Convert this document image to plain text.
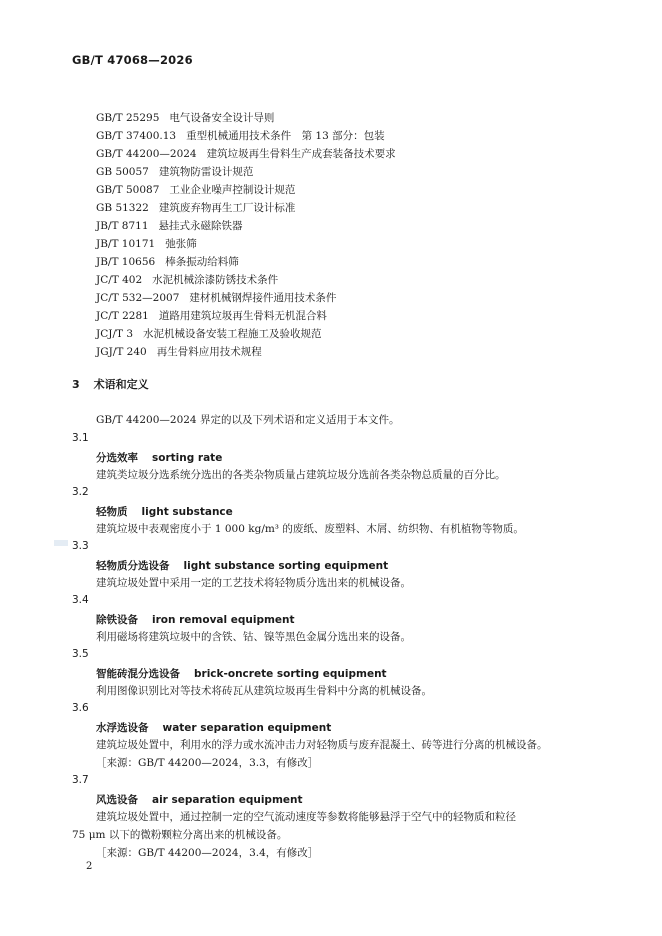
GB/T 47068—2026
GB/T 25295 电气设备安全设计导则
GB/T 37400.13 重型机械通用技术条件　第 13 部分：包装
GB/T 44200—2024 建筑垃圾再生骨料生产成套装备技术要求
GB 50057 建筑物防雷设计规范
GB/T 50087 工业企业噪声控制设计规范
GB 51322 建筑废弃物再生工厂设计标准
JB/T 8711 悬挂式永磁除铁器
JB/T 10171 弛张筛
JB/T 10656 棒条振动给料筛
JC/T 402 水泥机械涂漆防锈技术条件
JC/T 532—2007 建材机械钢焊接件通用技术条件
JC/T 2281 道路用建筑垃圾再生骨料无机混合料
JCJ/T 3 水泥机械设备安装工程施工及验收规范
JGJ/T 240 再生骨料应用技术规程
3 术语和定义
GB/T 44200—2024 界定的以及下列术语和定义适用于本文件。
3.1
分选效率 sorting rate
建筑类垃圾分选系统分选出的各类杂物质量占建筑垃圾分选前各类杂物总质量的百分比。
3.2
轻物质 light substance
建筑垃圾中表观密度小于 1 000 kg/m³ 的废纸、废塑料、木屑、纺织物、有机植物等物质。
3.3
轻物质分选设备 light substance sorting equipment
建筑垃圾处置中采用一定的工艺技术将轻物质分选出来的机械设备。
3.4
除铁设备 iron removal equipment
利用磁场将建筑垃圾中的含铁、钴、镍等黑色金属分选出来的设备。
3.5
智能砖混分选设备 brick-oncrete sorting equipment
利用图像识别比对等技术将砖瓦从建筑垃圾再生骨料中分离的机械设备。
3.6
水浮选设备 water separation equipment
建筑垃圾处置中，利用水的浮力或水流冲击力对轻物质与废弃混凝土、砖等进行分离的机械设备。
［来源：GB/T 44200—2024，3.3，有修改］
3.7
风选设备 air separation equipment
建筑垃圾处置中，通过控制一定的空气流动速度等参数将能够悬浮于空气中的轻物质和粒径
75 μm 以下的微粉颗粒分离出来的机械设备。
［来源：GB/T 44200—2024，3.4，有修改］
2
